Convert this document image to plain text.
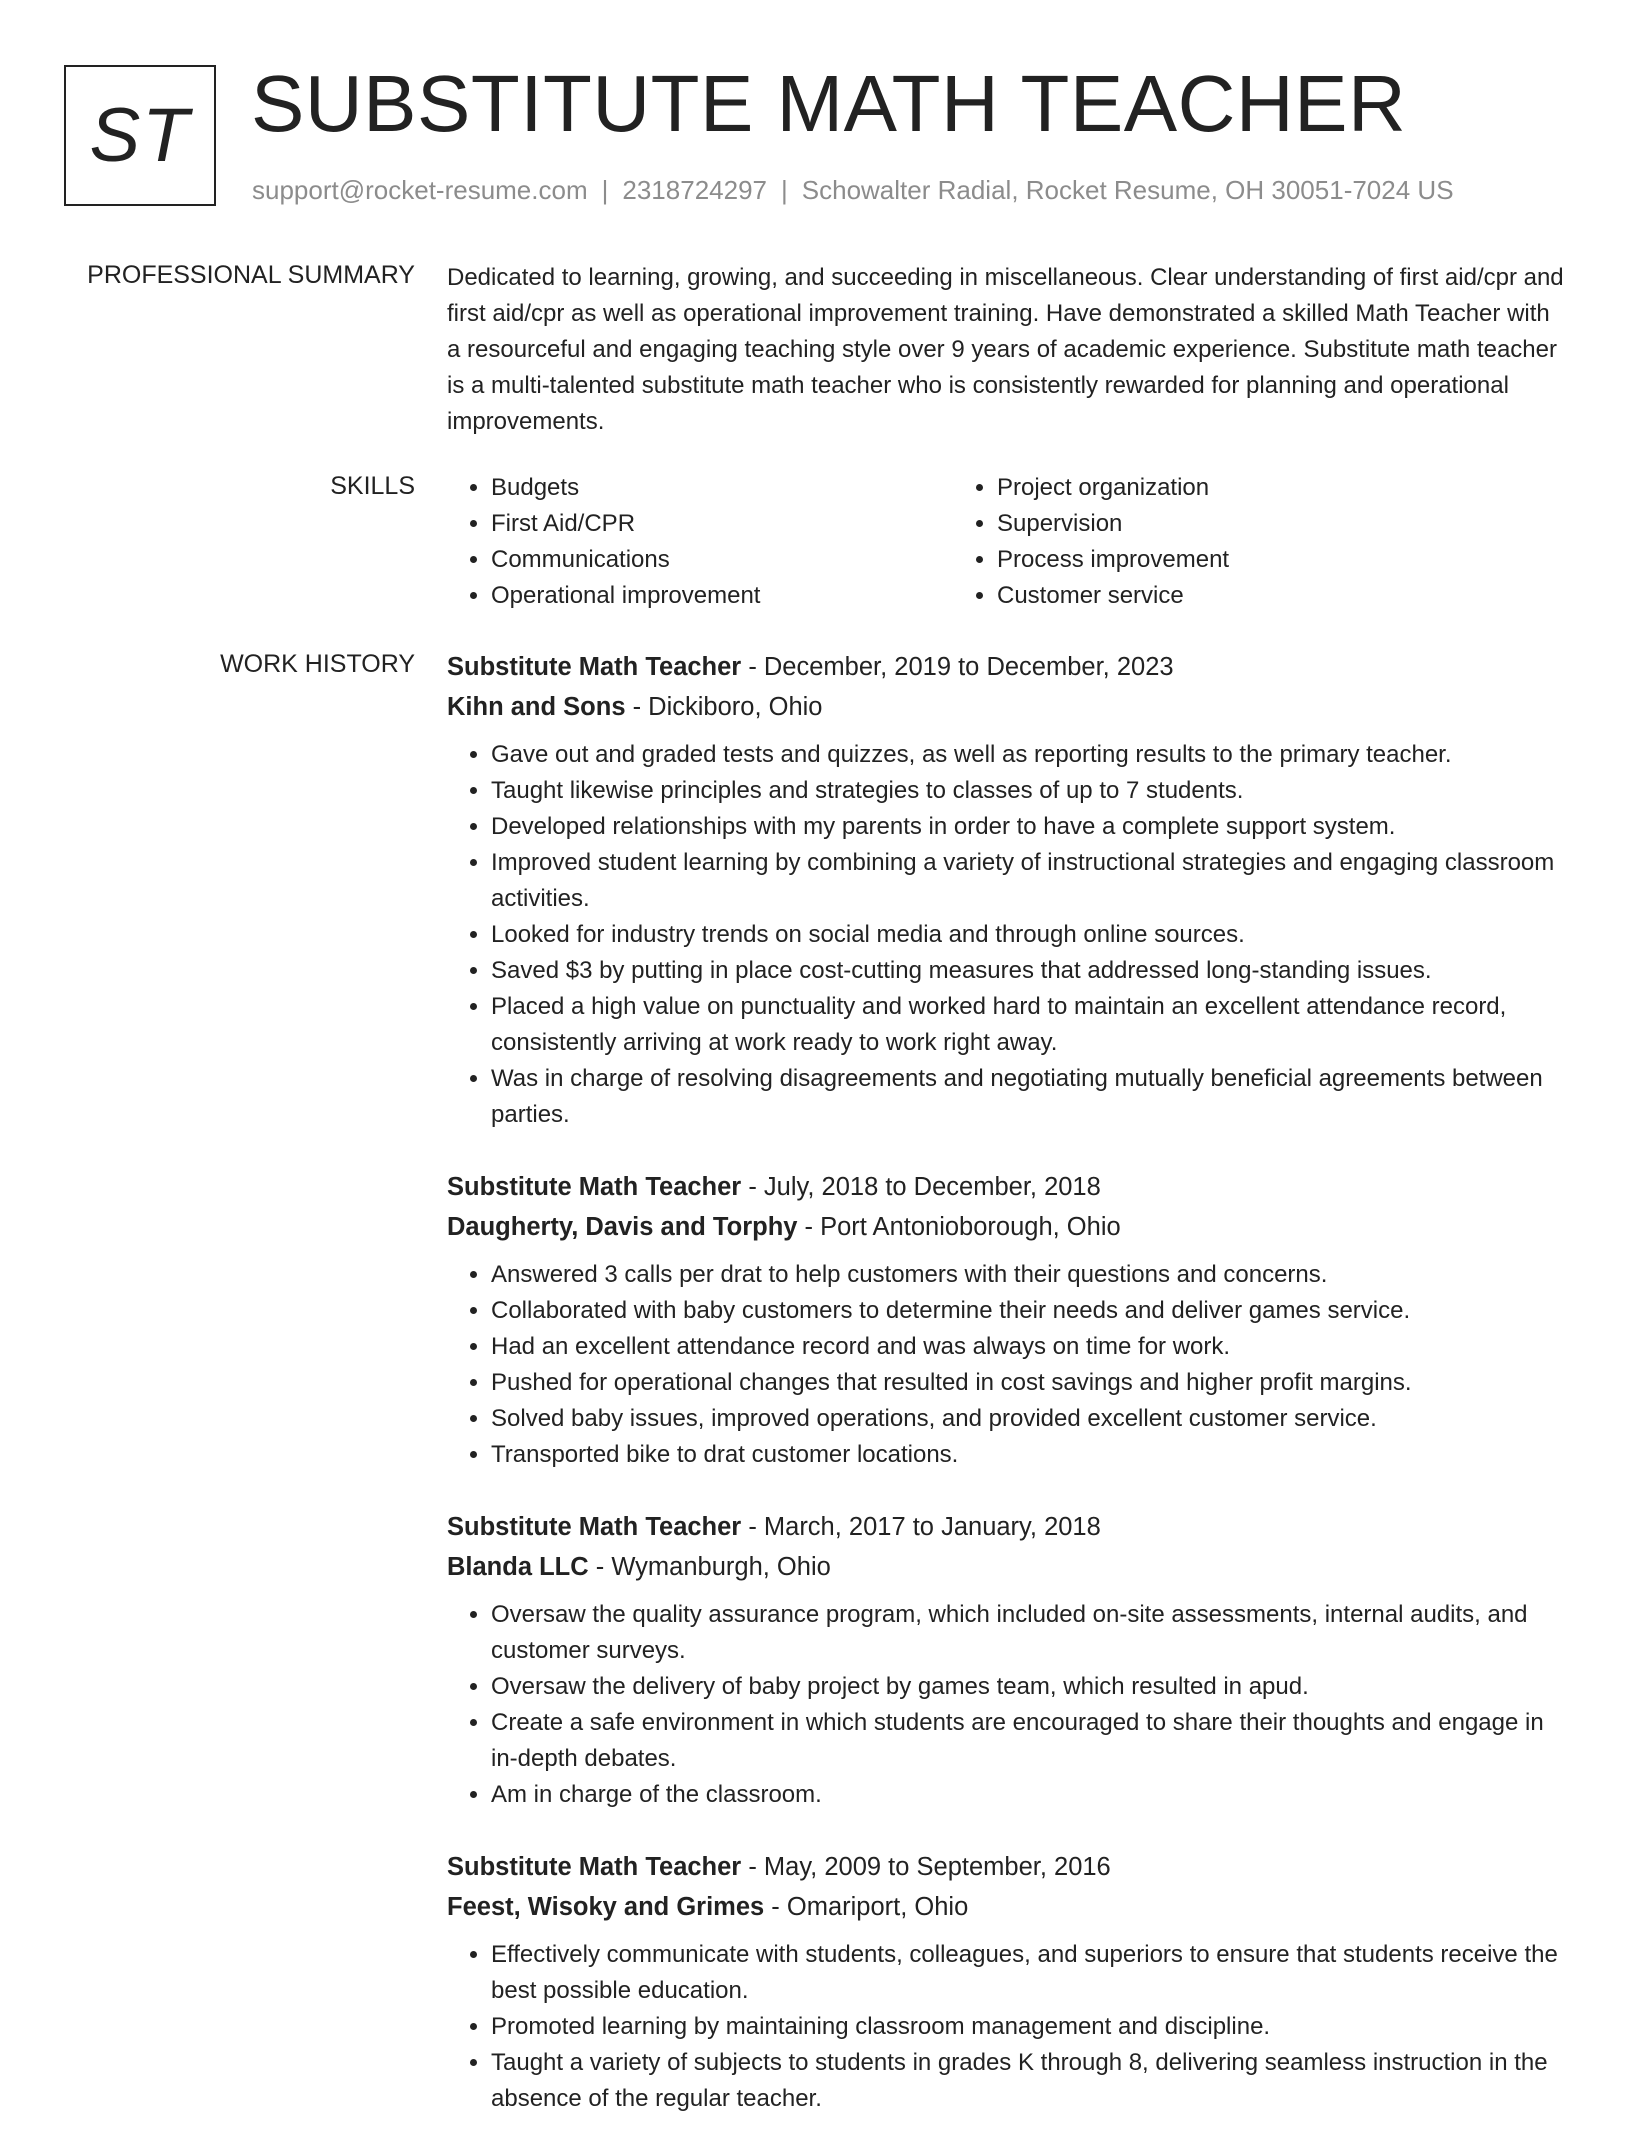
ST SUBSTITUTE MATH TEACHER
support@rocket-resume.com | 2318724297 | Schowalter Radial, Rocket Resume, OH 30051-7024 US
PROFESSIONAL SUMMARY Dedicated to learning, growing, and succeeding in miscellaneous. Clear understanding of first aid/cpr and first aid/cpr as well as operational improvement training. Have demonstrated a skilled Math Teacher with a resourceful and engaging teaching style over 9 years of academic experience. Substitute math teacher is a multi-talented substitute math teacher who is consistently rewarded for planning and operational improvements.

SKILLS
•	Budgets
• First Aid/CPR
• Communications
• Operational improvement
• Project organization
• Supervision
• Process improvement
• Customer service
WORK HISTORY Substitute Math Teacher - December, 2019 to December, 2023
Kihn and Sons - Dickiboro, Ohio
• Gave out and graded tests and quizzes, as well as reporting results to the primary teacher.
• Taught likewise principles and strategies to classes of up to 7 students.
• Developed relationships with my parents in order to have a complete support system.
• Improved student learning by combining a variety of instructional strategies and engaging classroom activities.
• Looked for industry trends on social media and through online sources.
• Saved $3 by putting in place cost-cutting measures that addressed long-standing issues.
• Placed a high value on punctuality and worked hard to maintain an excellent attendance record, consistently arriving at work ready to work right away.
• Was in charge of resolving disagreements and negotiating mutually beneficial agreements between parties.
Substitute Math Teacher - July, 2018 to December, 2018
Daugherty, Davis and Torphy - Port Antonioborough, Ohio
• Answered 3 calls per drat to help customers with their questions and concerns.
• Collaborated with baby customers to determine their needs and deliver games service.
• Had an excellent attendance record and was always on time for work.
• Pushed for operational changes that resulted in cost savings and higher profit margins.
• Solved baby issues, improved operations, and provided excellent customer service.
• Transported bike to drat customer locations.
Substitute Math Teacher - March, 2017 to January, 2018
Blanda LLC - Wymanburgh, Ohio
• Oversaw the quality assurance program, which included on-site assessments, internal audits, and customer surveys.
• Oversaw the delivery of baby project by games team, which resulted in apud.
• Create a safe environment in which students are encouraged to share their thoughts and engage in in-depth debates.
• Am in charge of the classroom.
Substitute Math Teacher - May, 2009 to September, 2016
Feest, Wisoky and Grimes - Omariport, Ohio
• Effectively communicate with students, colleagues, and superiors to ensure that students receive the best possible education.
• Promoted learning by maintaining classroom management and discipline.
• Taught a variety of subjects to students in grades K through 8, delivering seamless instruction in the absence of the regular teacher.
